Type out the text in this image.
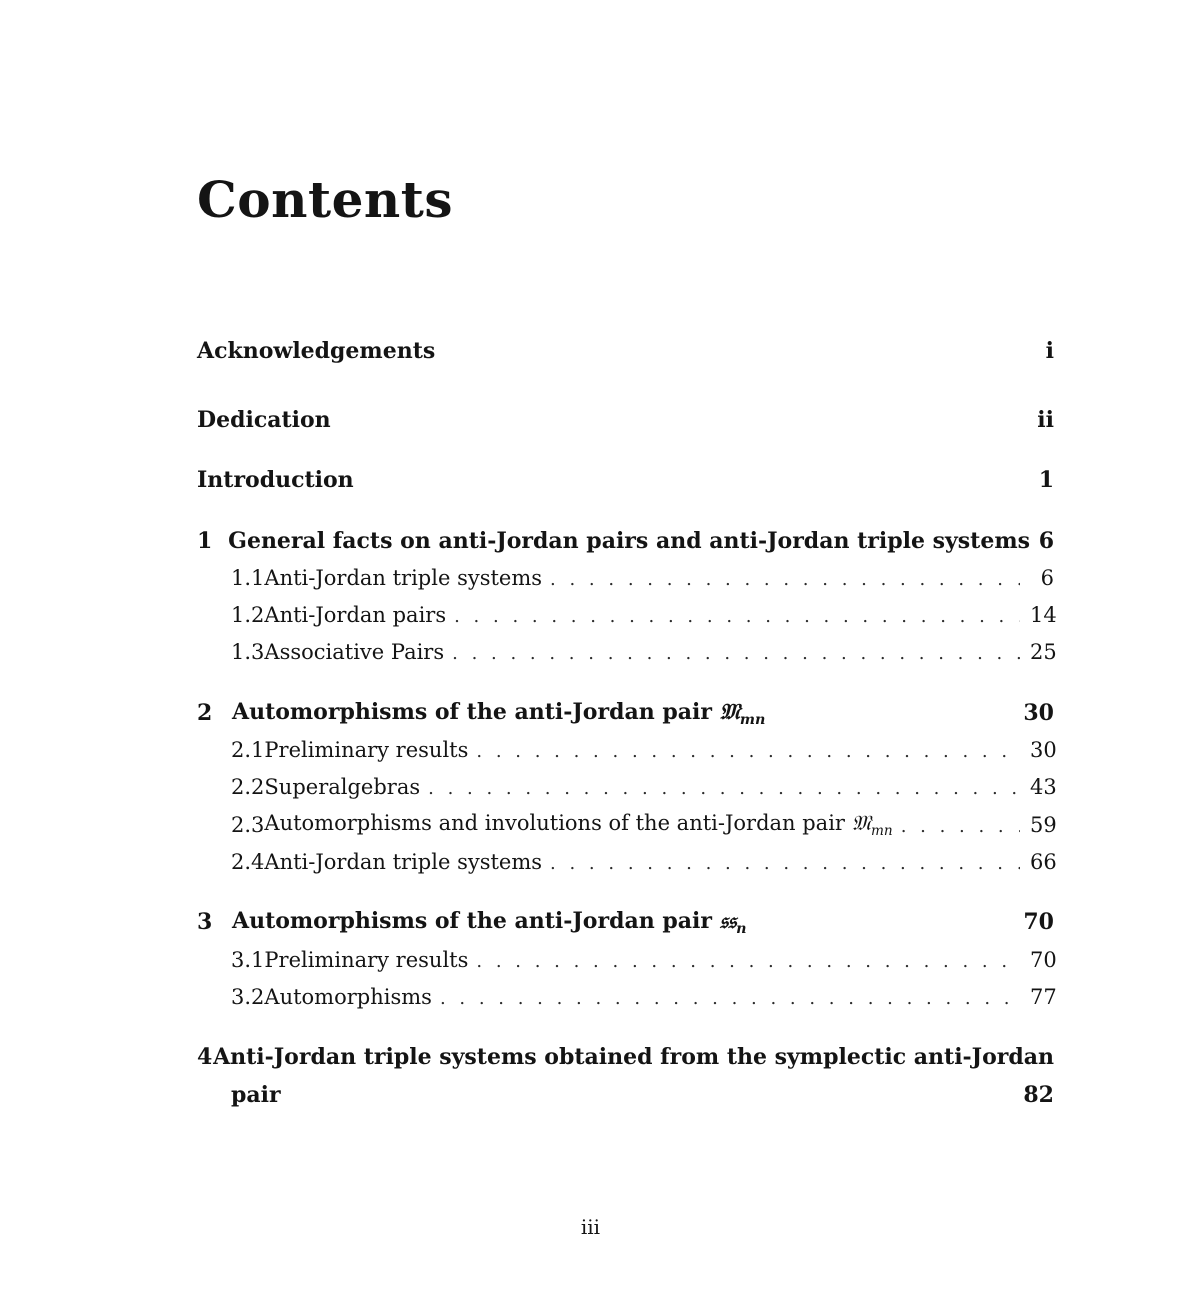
Contents
Acknowledgements	i
Dedication	ii
Introduction	1
1 General facts on anti-Jordan pairs and anti-Jordan triple systems 6
1.1 Anti-Jordan triple systems . . .	6
1.2 Anti-Jordan pairs . . .	14
1.3 Associative Pairs . . .	25
2 Automorphisms of the anti-Jordan pair 𝔐$_{mn}$	30
2.1 Preliminary results . . .	30
2.2 Superalgebras . . .	43
2.3 Automorphisms and involutions of the anti-Jordan pair 𝔐$_{mn}$ . . .	59
2.4 Anti-Jordan triple systems . . .	66
3 Automorphisms of the anti-Jordan pair 𝔰𝔰$_n$	70
3.1 Preliminary results . . .	70
3.2 Automorphisms . . .	77
4 Anti-Jordan triple systems obtained from the symplectic anti-Jordan
pair	82
iii
